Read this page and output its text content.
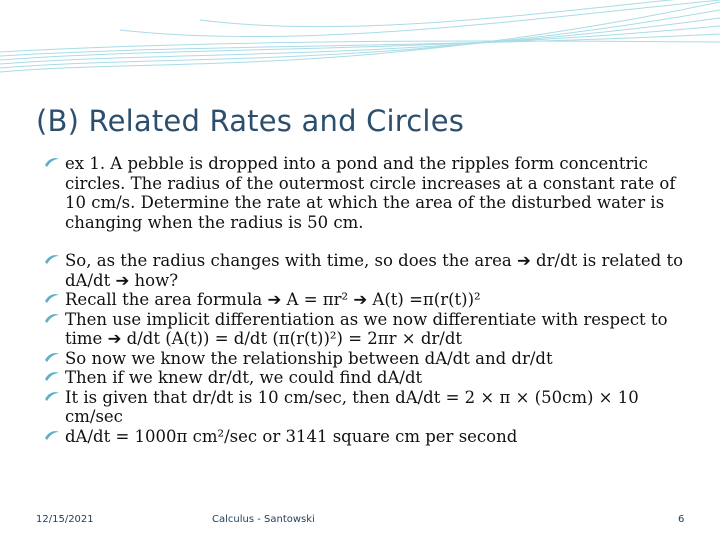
(B) Related Rates and Circles

ex 1. A pebble is dropped into a pond and the ripples form concentric circles. The radius of the outermost circle increases at a constant rate of 10 cm/s. Determine the rate at which the area of the disturbed water is changing when the radius is 50 cm.

So, as the radius changes with time, so does the area ➔ dr/dt is related to dA/dt ➔ how?

Recall the area formula ➔ A = πr² ➔ A(t) =π(r(t))²

Then use implicit differentiation as we now differentiate with respect to time ➔ d/dt (A(t)) = d/dt (π(r(t))²) = 2πr × dr/dt

So now we know the relationship between dA/dt and dr/dt

Then if we knew dr/dt, we could find dA/dt

It is given that dr/dt is 10 cm/sec, then dA/dt = 2 × π × (50cm) × 10 cm/sec

dA/dt = 1000π cm²/sec or 3141 square cm per second

12/15/2021	Calculus - Santowski	6
